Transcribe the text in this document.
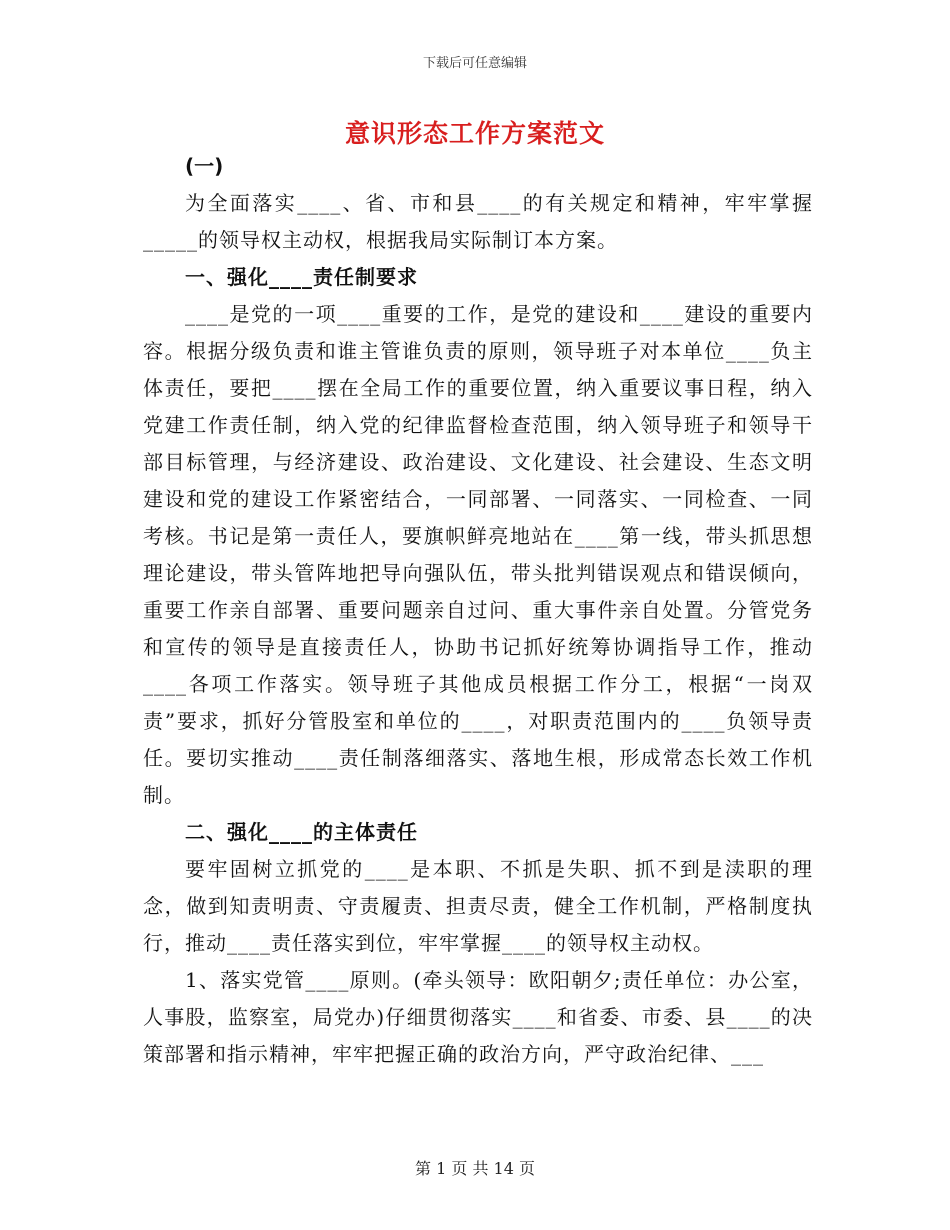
下载后可任意编辑
意识形态工作方案范文
(一)
为全面落实____、省、市和县____的有关规定和精神，牢牢掌握_____的领导权主动权，根据我局实际制订本方案。
一、强化____责任制要求
____是党的一项____重要的工作，是党的建设和____建设的重要内容。根据分级负责和谁主管谁负责的原则，领导班子对本单位____负主体责任，要把____摆在全局工作的重要位置，纳入重要议事日程，纳入党建工作责任制，纳入党的纪律监督检查范围，纳入领导班子和领导干部目标管理，与经济建设、政治建设、文化建设、社会建设、生态文明建设和党的建设工作紧密结合，一同部署、一同落实、一同检查、一同考核。书记是第一责任人，要旗帜鲜亮地站在____第一线，带头抓思想理论建设，带头管阵地把导向强队伍，带头批判错误观点和错误倾向，重要工作亲自部署、重要问题亲自过问、重大事件亲自处置。分管党务和宣传的领导是直接责任人，协助书记抓好统筹协调指导工作，推动____各项工作落实。领导班子其他成员根据工作分工，根据“一岗双责”要求，抓好分管股室和单位的____，对职责范围内的____负领导责任。要切实推动____责任制落细落实、落地生根，形成常态长效工作机制。
二、强化____的主体责任
要牢固树立抓党的____是本职、不抓是失职、抓不到是渎职的理念，做到知责明责、守责履责、担责尽责，健全工作机制，严格制度执行，推动____责任落实到位，牢牢掌握____的领导权主动权。
1、落实党管____原则。(牵头领导：欧阳朝夕;责任单位：办公室，人事股，监察室，局党办)仔细贯彻落实____和省委、市委、县____的决策部署和指示精神，牢牢把握正确的政治方向，严守政治纪律、___
第 1 页 共 14 页
